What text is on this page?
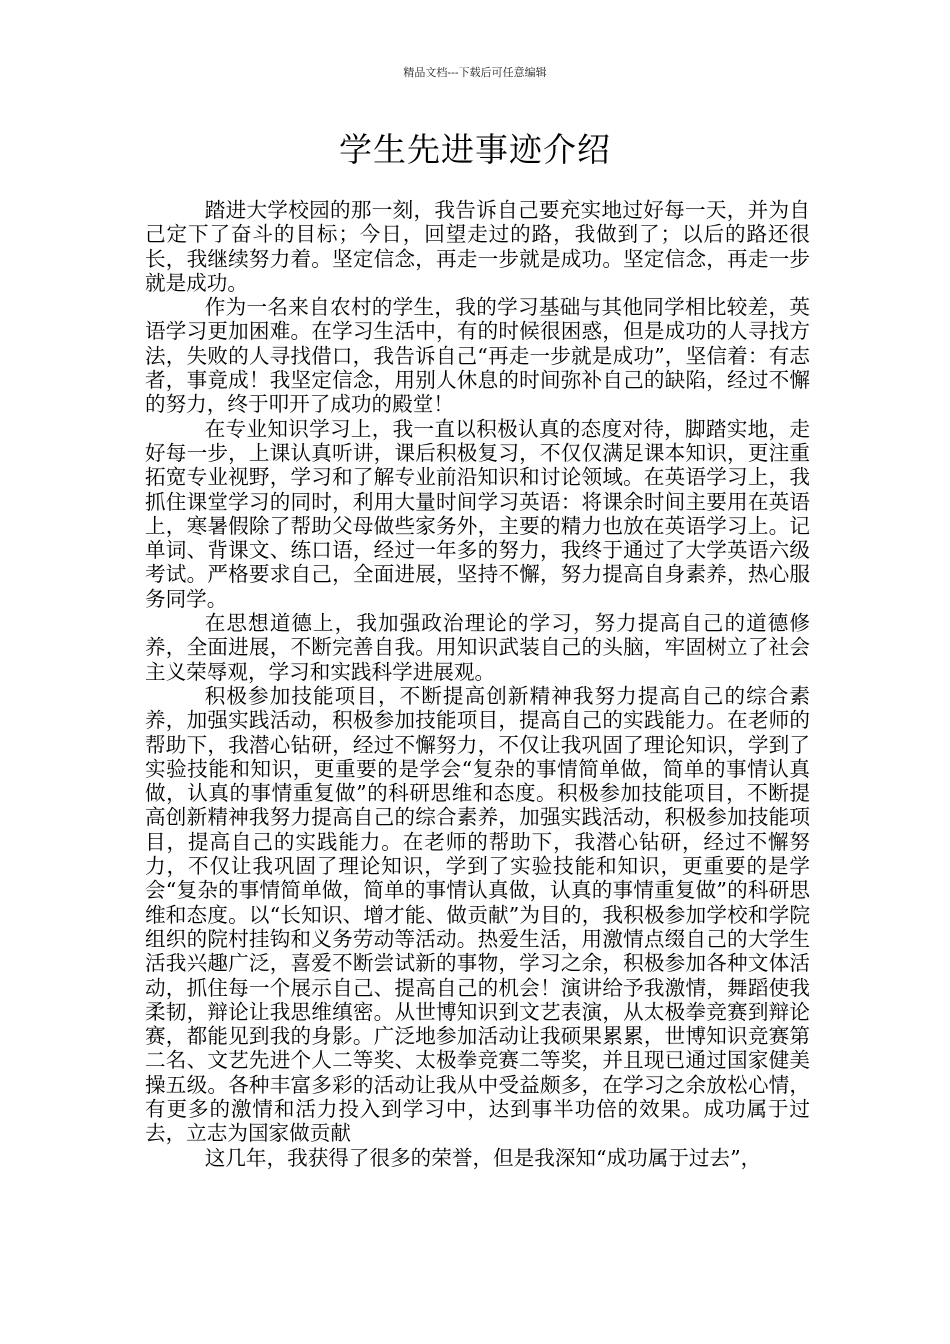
精品文档---下载后可任意编辑
学生先进事迹介绍

踏进大学校园的那一刻，我告诉自己要充实地过好每一天，并为自己定下了奋斗的目标；今日，回望走过的路，我做到了；以后的路还很长，我继续努力着。坚定信念，再走一步就是成功。坚定信念，再走一步就是成功。

作为一名来自农村的学生，我的学习基础与其他同学相比较差，英语学习更加困难。在学习生活中，有的时候很困惑，但是成功的人寻找方法，失败的人寻找借口，我告诉自己“再走一步就是成功”，坚信着：有志者，事竟成！我坚定信念，用别人休息的时间弥补自己的缺陷，经过不懈的努力，终于叩开了成功的殿堂！

在专业知识学习上，我一直以积极认真的态度对待，脚踏实地，走好每一步，上课认真听讲，课后积极复习，不仅仅满足课本知识，更注重拓宽专业视野，学习和了解专业前沿知识和讨论领域。在英语学习上，我抓住课堂学习的同时，利用大量时间学习英语：将课余时间主要用在英语上，寒暑假除了帮助父母做些家务外，主要的精力也放在英语学习上。记单词、背课文、练口语，经过一年多的努力，我终于通过了大学英语六级考试。严格要求自己，全面进展，坚持不懈，努力提高自身素养，热心服务同学。

在思想道德上，我加强政治理论的学习，努力提高自己的道德修养，全面进展，不断完善自我。用知识武装自己的头脑，牢固树立了社会主义荣辱观，学习和实践科学进展观。

积极参加技能项目，不断提高创新精神我努力提高自己的综合素养，加强实践活动，积极参加技能项目，提高自己的实践能力。在老师的帮助下，我潜心钻研，经过不懈努力，不仅让我巩固了理论知识，学到了实验技能和知识，更重要的是学会“复杂的事情简单做，简单的事情认真做，认真的事情重复做”的科研思维和态度。积极参加技能项目，不断提高创新精神我努力提高自己的综合素养，加强实践活动，积极参加技能项目，提高自己的实践能力。在老师的帮助下，我潜心钻研，经过不懈努力，不仅让我巩固了理论知识，学到了实验技能和知识，更重要的是学会“复杂的事情简单做，简单的事情认真做，认真的事情重复做”的科研思维和态度。以“长知识、增才能、做贡献”为目的，我积极参加学校和学院组织的院村挂钩和义务劳动等活动。热爱生活，用激情点缀自己的大学生活我兴趣广泛，喜爱不断尝试新的事物，学习之余，积极参加各种文体活动，抓住每一个展示自己、提高自己的机会！演讲给予我激情，舞蹈使我柔韧，辩论让我思维缜密。从世博知识到文艺表演，从太极拳竞赛到辩论赛，都能见到我的身影。广泛地参加活动让我硕果累累，世博知识竞赛第二名、文艺先进个人二等奖、太极拳竞赛二等奖，并且现已通过国家健美操五级。各种丰富多彩的活动让我从中受益颇多，在学习之余放松心情，有更多的激情和活力投入到学习中，达到事半功倍的效果。成功属于过去，立志为国家做贡献

这几年，我获得了很多的荣誉，但是我深知“成功属于过去”，
